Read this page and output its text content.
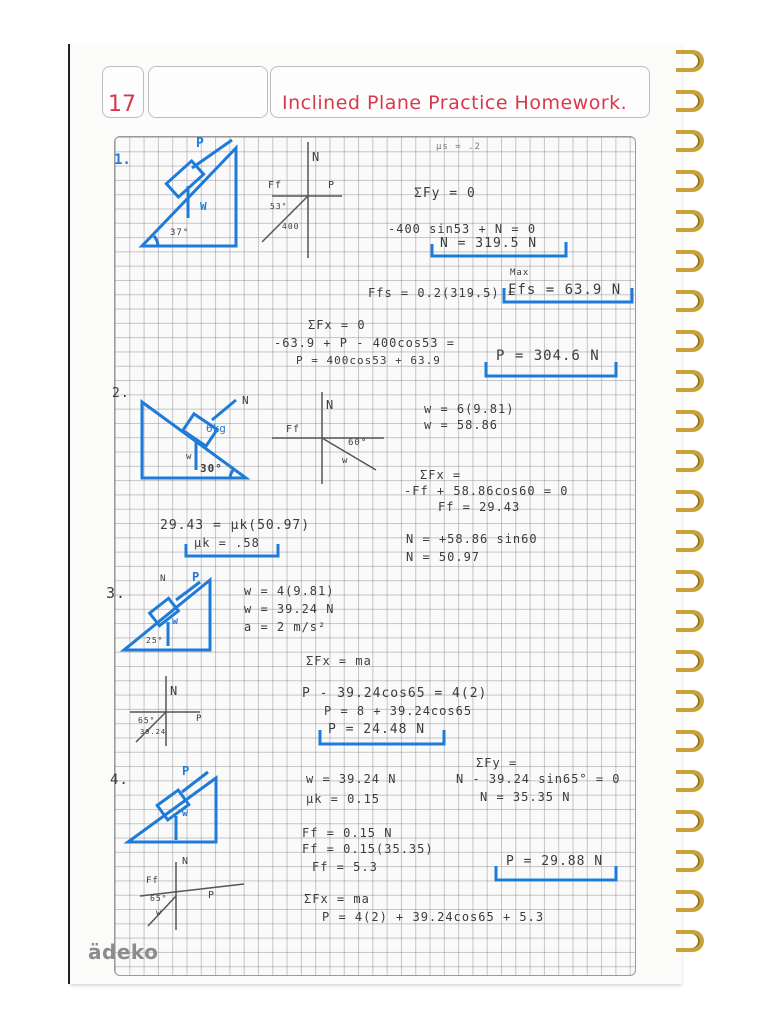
17	Inclined Plane Practice Homework.
P
W
37°
N
Ff	P
53°
400
N
6kg
w
30°
N
Ff
60°
w
N P
w
25°
N
P
65°
39.24
P
w
N
Ff
65°	P
w
1.
μs = .2
ΣFy = 0
-400 sin53 + N = 0
N = 319.5 N
Max
Ffs = 0.2(319.5) =
Ffs = 63.9 N
ΣFx = 0
-63.9 + P - 400cos53 =
P = 400cos53 + 63.9	P = 304.6 N
2.
w = 6(9.81)
w = 58.86
ΣFx =
-Ff + 58.86cos60 = 0
Ff = 29.43
29.43 = μk(50.97)
μk = .58	N = +58.86 sin60
N = 50.97
3.	w = 4(9.81)
w = 39.24 N
a = 2 m/s²
ΣFx = ma
P - 39.24cos65 = 4(2)
P = 8 + 39.24cos65
P = 24.48 N
4.	w = 39.24 N
μk = 0.15
ΣFy =
N - 39.24 sin65° = 0
N = 35.35 N
Ff = 0.15 N
Ff = 0.15(35.35)
Ff = 5.3	P = 29.88 N
ΣFx = ma
P = 4(2) + 39.24cos65 + 5.3
ädeko
